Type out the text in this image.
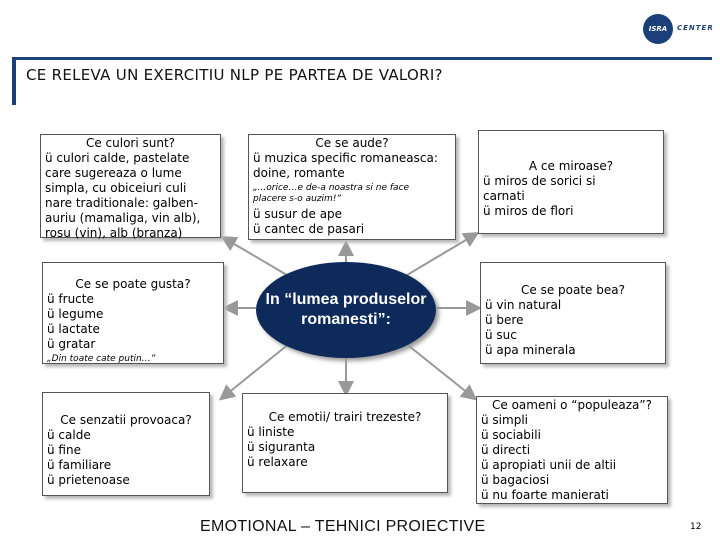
ISRA	CENTER
CE RELEVA UN EXERCITIU NLP PE PARTEA DE VALORI?
Ce culori sunt?
ü culori calde, pastelate
care sugereaza o lume
simpla, cu obiceiuri culi
nare traditionale: galben-
auriu (mamaliga, vin alb),
rosu (vin), alb (branza)
Ce se aude?
ü muzica specific romaneasca:
doine, romante
„...orice…e de-a noastra si ne face
placere s-o auzim!”
ü susur de ape
ü cantec de pasari
A ce miroase?
ü miros de sorici si
carnati
ü miros de flori
Ce se poate gusta?
ü fructe
ü legume
ü lactate
ü gratar
„Din toate cate putin…”
In “lumea produselor
romanesti”:
Ce se poate bea?
ü vin natural
ü bere
ü suc
ü apa minerala
Ce senzatii provoaca?
ü calde
ü fine
ü familiare
ü prietenoase
Ce emotii/ trairi trezeste?
ü liniste
ü siguranta
ü relaxare
Ce oameni o “populeaza”?
ü simpli
ü sociabili
ü directi
ü apropiati unii de altii
ü bagaciosi
ü nu foarte manierati
EMOTIONAL – TEHNICI PROIECTIVE	12
